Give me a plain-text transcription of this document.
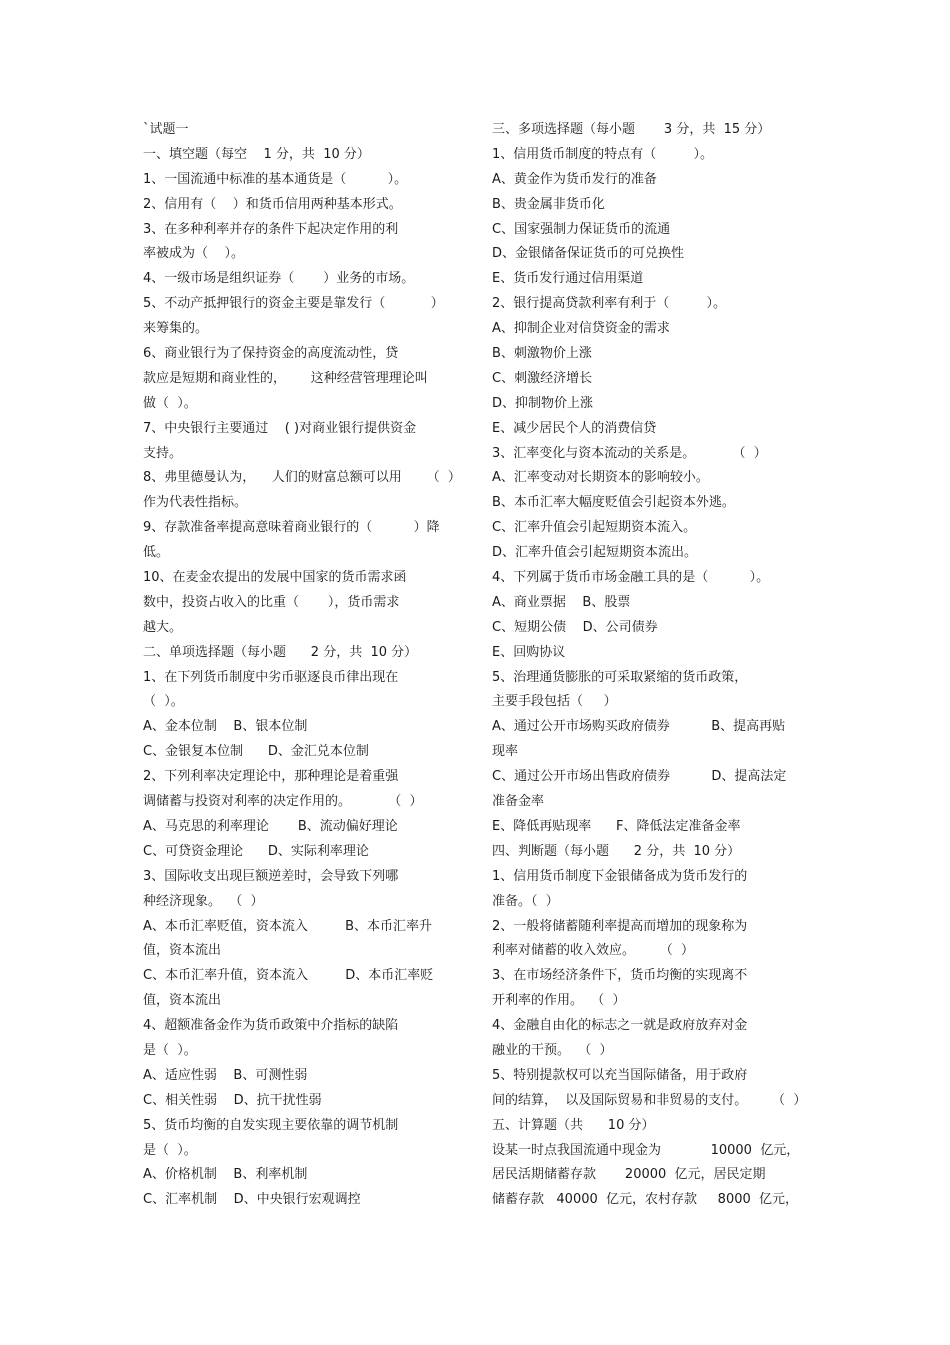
`试题一
一、填空题（每空    1 分，共  10 分）
1、一国流通中标准的基本通货是（          ）。
2、信用有（    ）和货币信用两种基本形式。
3、在多种利率并存的条件下起决定作用的利
率被成为（    ）。
4、一级市场是组织证券（       ）业务的市场。
5、不动产抵押银行的资金主要是靠发行（           ）
来筹集的。
6、商业银行为了保持资金的高度流动性，贷
款应是短期和商业性的，      这种经营管理理论叫
做（  ）。
7、中央银行主要通过    ( )对商业银行提供资金
支持。
8、弗里德曼认为，    人们的财富总额可以用      （  ）
作为代表性指标。
9、存款准备率提高意味着商业银行的（          ）降
低。
10、在麦金农提出的发展中国家的货币需求函
数中，投资占收入的比重（       ），货币需求
越大。
二、单项选择题（每小题      2 分，共  10 分）
1、在下列货币制度中劣币驱逐良币律出现在
（  ）。
A、金本位制    B、银本位制
C、金银复本位制      D、金汇兑本位制
2、下列利率决定理论中，那种理论是着重强
调储蓄与投资对利率的决定作用的。         （  ）
A、马克思的利率理论       B、流动偏好理论
C、可贷资金理论      D、实际利率理论
3、国际收支出现巨额逆差时，会导致下列哪
种经济现象。  （  ）
A、本币汇率贬值，资本流入         B、本币汇率升
值，资本流出
C、本币汇率升值，资本流入         D、本币汇率贬
值，资本流出
4、超额准备金作为货币政策中介指标的缺陷
是（  ）。
A、适应性弱    B、可测性弱
C、相关性弱    D、抗干扰性弱
5、货币均衡的自发实现主要依靠的调节机制
是（  ）。
A、价格机制    B、利率机制
C、汇率机制    D、中央银行宏观调控
三、多项选择题（每小题       3 分，共  15 分）
1、信用货币制度的特点有（         ）。
A、黄金作为货币发行的准备
B、贵金属非货币化
C、国家强制力保证货币的流通
D、金银储备保证货币的可兑换性
E、货币发行通过信用渠道
2、银行提高贷款利率有利于（         ）。
A、抑制企业对信贷资金的需求
B、刺激物价上涨
C、刺激经济增长
D、抑制物价上涨
E、减少居民个人的消费信贷
3、汇率变化与资本流动的关系是。         （  ）
A、汇率变动对长期资本的影响较小。
B、本币汇率大幅度贬值会引起资本外逃。
C、汇率升值会引起短期资本流入。
D、汇率升值会引起短期资本流出。
4、下列属于货币市场金融工具的是（          ）。
A、商业票据    B、股票
C、短期公债    D、公司债券
E、回购协议
5、治理通货膨胀的可采取紧缩的货币政策，
主要手段包括（     ）
A、通过公开市场购买政府债券          B、提高再贴
现率
C、通过公开市场出售政府债券          D、提高法定
准备金率
E、降低再贴现率      F、降低法定准备金率
四、判断题（每小题      2 分，共  10 分）
1、信用货币制度下金银储备成为货币发行的
准备。（  ）
2、一般将储蓄随利率提高而增加的现象称为
利率对储蓄的收入效应。      （  ）
3、在市场经济条件下，货币均衡的实现离不
开利率的作用。  （  ）
4、金融自由化的标志之一就是政府放弃对金
融业的干预。  （  ）
5、特别提款权可以充当国际储备，用于政府
间的结算，  以及国际贸易和非贸易的支付。      （  ）
五、计算题（共      10 分）
设某一时点我国流通中现金为            10000  亿元，
居民活期储蓄存款       20000  亿元，居民定期
储蓄存款   40000  亿元，农村存款     8000  亿元，
